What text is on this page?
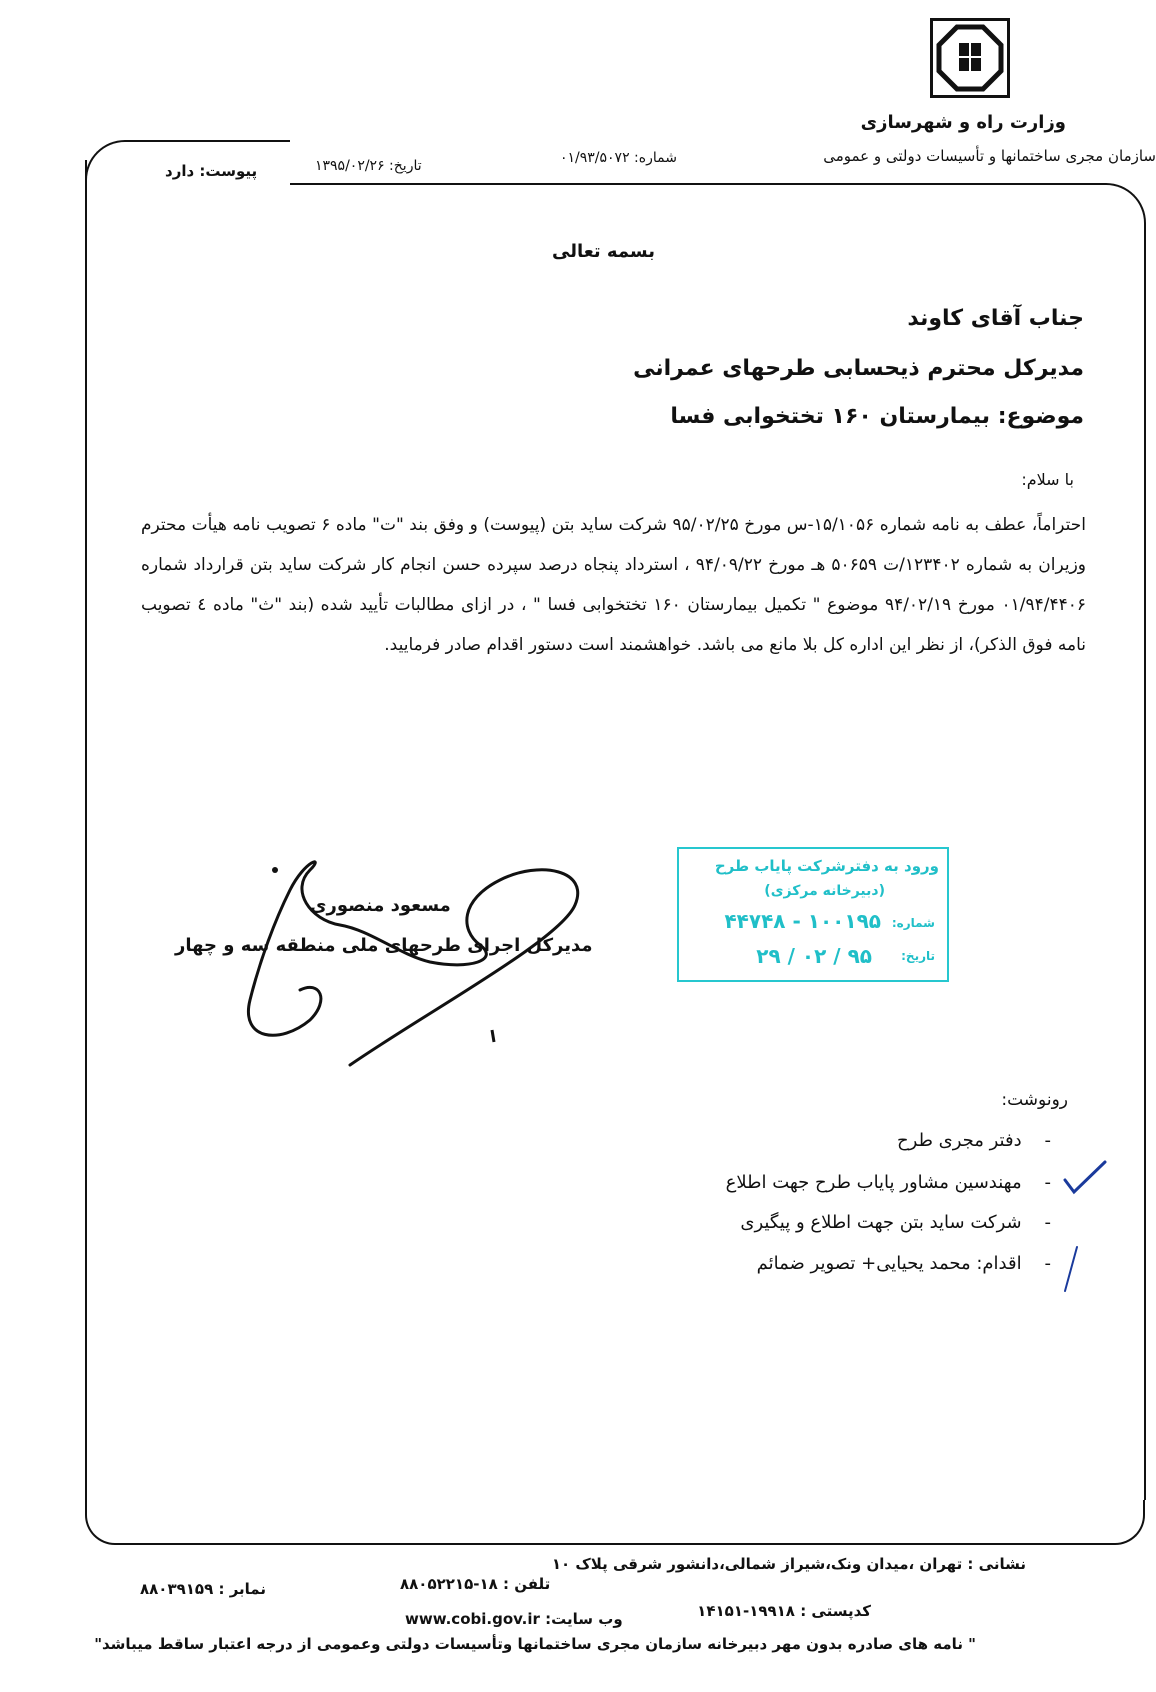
وزارت راه و شهرسازی
سازمان مجری ساختمانها و تأسیسات دولتی و عمومی
شماره: ۰۱/۹۳/۵۰۷۲
تاریخ: ۱۳۹۵/۰۲/۲۶
پیوست: دارد
بسمه تعالی
جناب آقای کاوند
مدیرکل محترم ذیحسابی طرحهای عمرانی
موضوع: بیمارستان ۱۶۰ تختخوابی فسا
با سلام:
احتراماً، عطف به نامه شماره ۱۵/۱۰۵۶-س مورخ ۹۵/۰۲/۲۵ شرکت ساید بتن (پیوست) و وفق بند "ت" ماده ۶ تصویب نامه هیأت محترم وزیران به شماره ۱۲۳۴۰۲/ت ۵۰۶۵۹ هـ مورخ ۹۴/۰۹/۲۲ ، استرداد پنجاه درصد سپرده حسن انجام کار شرکت ساید بتن قرارداد شماره ۰۱/۹۴/۴۴۰۶ مورخ ۹۴/۰۲/۱۹ موضوع " تکمیل بیمارستان ۱۶۰ تختخوابی فسا " ، در ازای مطالبات تأیید شده (بند "ث" ماده ٤ تصویب نامه فوق الذکر)، از نظر این اداره کل بلا مانع می باشد. خواهشمند است دستور اقدام صادر فرمایید.
مسعود منصوری
مدیرکل اجرای طرحهای ملی منطقه سه و چهار
ورود به دفترشرکت پایاب طرح
(دبیرخانه مرکزی)
شماره:
۱۰۰۱۹۵ - ۴۴۷۴۸
تاریخ:
۹۵ / ۰۲ / ۲۹
رونوشت:
-    دفتر مجری طرح
-    مهندسین مشاور پایاب طرح جهت اطلاع
-    شرکت ساید بتن جهت اطلاع و پیگیری
-    اقدام: محمد یحیایی+ تصویر ضمائم
نشانی : تهران ،میدان ونک،شیراز شمالی،دانشور شرقی پلاک ۱۰
تلفن : ۱۸-۸۸۰۵۲۲۱۵
نمابر : ۸۸۰۳۹۱۵۹
کدپستی : ۱۹۹۱۸-۱۴۱۵۱
وب سایت: www.cobi.gov.ir
" نامه های صادره بدون مهر دبیرخانه سازمان مجری ساختمانها وتأسیسات دولتی وعمومی از درجه اعتبار ساقط میباشد"
